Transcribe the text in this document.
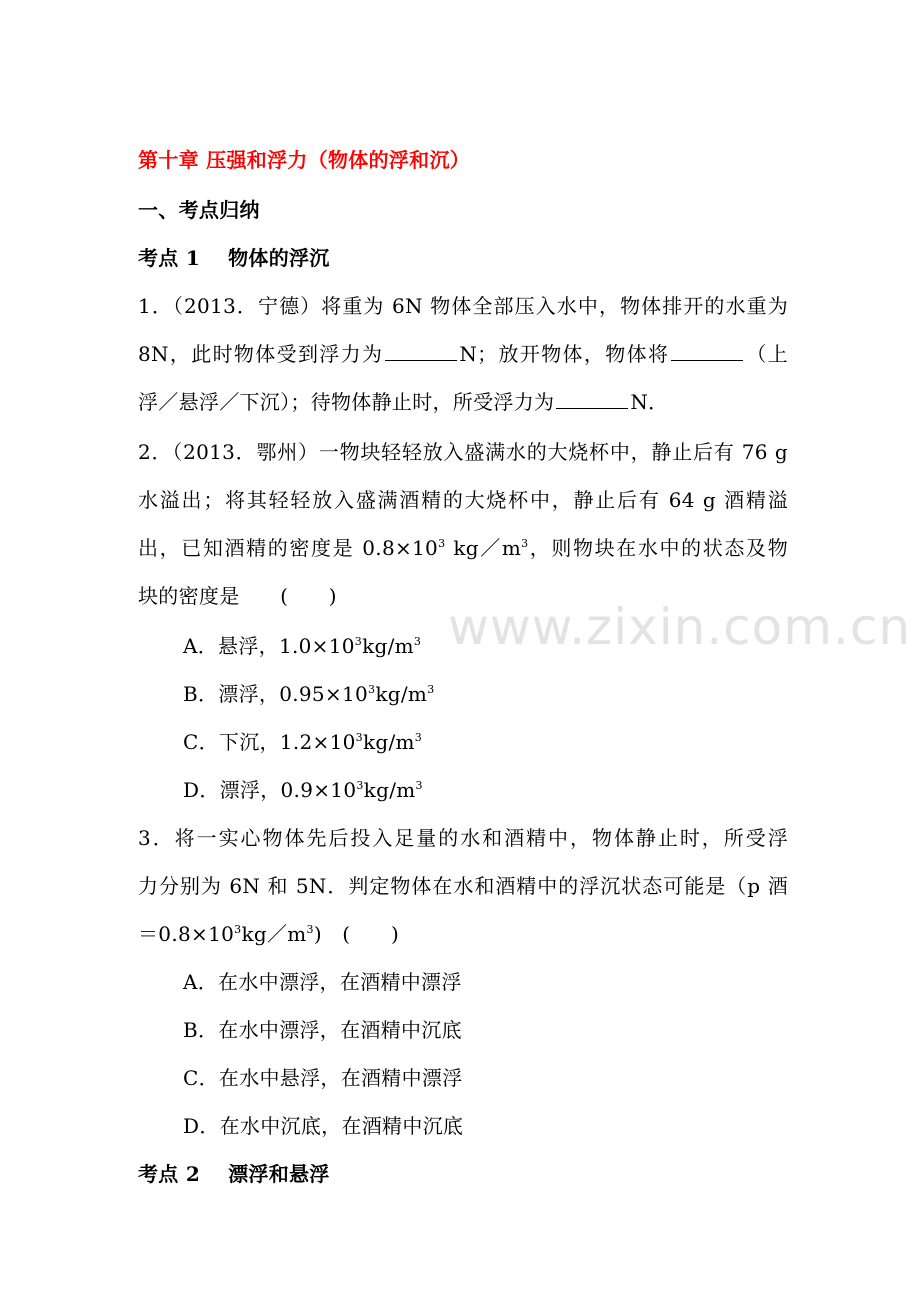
第十章 压强和浮力（物体的浮和沉）
一、考点归纳
考点 1 物体的浮沉
1．（2013．宁德）将重为 6N 物体全部压入水中，物体排开的水重为
8N，此时物体受到浮力为	N；放开物体，物体将	（上
浮／悬浮／下沉）；待物体静止时，所受浮力为	N．
2．（2013．鄂州）一物块轻轻放入盛满水的大烧杯中，静止后有 76 g
水溢出；将其轻轻放入盛满酒精的大烧杯中，静止后有 64 g 酒精溢
出，已知酒精的密度是 $0.8\times 10^3$ $kg/m^3$，则物块在水中的状态及物
块的密度是　　(　　)
A．悬浮，$1.0\times 10^3kg/m^3$
B．漂浮，$0.95\times 10^3kg/m^3$
C．下沉，$1.2\times 10^3kg/m^3$
D．漂浮，$0.9\times 10^3kg/m^3$
3．将一实心物体先后投入足量的水和酒精中，物体静止时，所受浮
力分别为 6N 和 5N．判定物体在水和酒精中的浮沉状态可能是（p 酒
$=0.8\times 10^3kg/m^3$)　(　　)
A．在水中漂浮，在酒精中漂浮
B．在水中漂浮，在酒精中沉底
C．在水中悬浮，在酒精中漂浮
D．在水中沉底，在酒精中沉底
考点 2 漂浮和悬浮
www.zixin.com.cn
